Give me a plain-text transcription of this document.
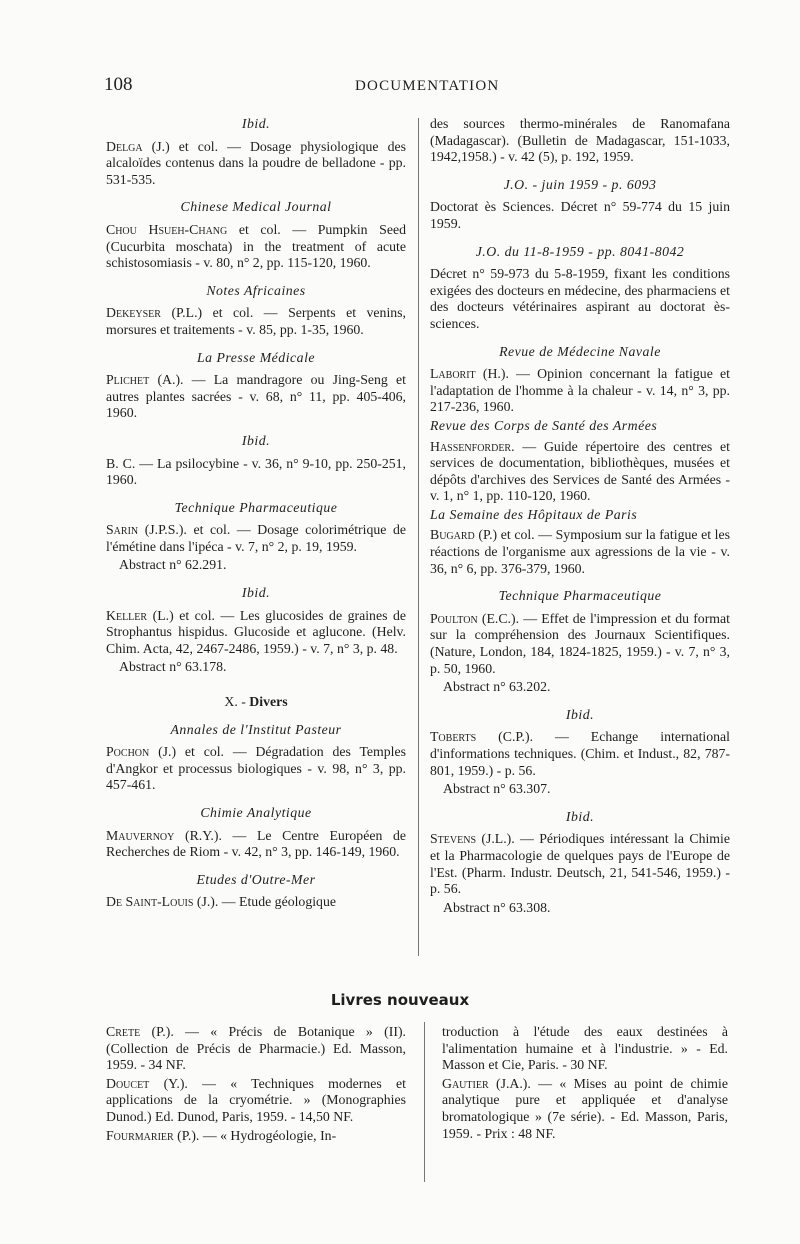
108	DOCUMENTATION
Ibid.
Delga (J.) et col. — Dosage physiologique des alcaloïdes contenus dans la poudre de belladone - pp. 531-535.
Chinese Medical Journal
Chou Hsueh-Chang et col. — Pumpkin Seed (Cucurbita moschata) in the treatment of acute schistosomiasis - v. 80, n° 2, pp. 115-120, 1960.
Notes Africaines
Dekeyser (P.L.) et col. — Serpents et venins, morsures et traitements - v. 85, pp. 1-35, 1960.
La Presse Médicale
Plichet (A.). — La mandragore ou Jing-Seng et autres plantes sacrées - v. 68, n° 11, pp. 405-406, 1960.
Ibid.
B. C. — La psilocybine - v. 36, n° 9-10, pp. 250-251, 1960.
Technique Pharmaceutique
Sarin (J.P.S.). et col. — Dosage colorimétrique de l'émétine dans l'ipéca - v. 7, n° 2, p. 19, 1959.
Abstract n° 62.291.
Ibid.
Keller (L.) et col. — Les glucosides de graines de Strophantus hispidus. Glucoside et aglucone. (Helv. Chim. Acta, 42, 2467-2486, 1959.) - v. 7, n° 3, p. 48.
Abstract n° 63.178.
X. - Divers
Annales de l'Institut Pasteur
Pochon (J.) et col. — Dégradation des Temples d'Angkor et processus biologiques - v. 98, n° 3, pp. 457-461.
Chimie Analytique
Mauvernoy (R.Y.). — Le Centre Européen de Recherches de Riom - v. 42, n° 3, pp. 146-149, 1960.
Etudes d'Outre-Mer
De Saint-Louis (J.). — Etude géologique
des sources thermo-minérales de Ranomafana (Madagascar). (Bulletin de Madagascar, 151-1033, 1942,1958.) - v. 42 (5), p. 192, 1959.
J.O. - juin 1959 - p. 6093
Doctorat ès Sciences. Décret n° 59-774 du 15 juin 1959.
J.O. du 11-8-1959 - pp. 8041-8042
Décret n° 59-973 du 5-8-1959, fixant les conditions exigées des docteurs en médecine, des pharmaciens et des docteurs vétérinaires aspirant au doctorat ès-sciences.
Revue de Médecine Navale
Laborit (H.). — Opinion concernant la fatigue et l'adaptation de l'homme à la chaleur - v. 14, n° 3, pp. 217-236, 1960.
Revue des Corps de Santé des Armées
Hassenforder. — Guide répertoire des centres et services de documentation, bibliothèques, musées et dépôts d'archives des Services de Santé des Armées - v. 1, n° 1, pp. 110-120, 1960.
La Semaine des Hôpitaux de Paris
Bugard (P.) et col. — Symposium sur la fatigue et les réactions de l'organisme aux agressions de la vie - v. 36, n° 6, pp. 376-379, 1960.
Technique Pharmaceutique
Poulton (E.C.). — Effet de l'impression et du format sur la compréhension des Journaux Scientifiques. (Nature, London, 184, 1824-1825, 1959.) - v. 7, n° 3, p. 50, 1960.
Abstract n° 63.202.
Ibid.
Toberts (C.P.). — Echange international d'informations techniques. (Chim. et Indust., 82, 787-801, 1959.) - p. 56.
Abstract n° 63.307.
Ibid.
Stevens (J.L.). — Périodiques intéressant la Chimie et la Pharmacologie de quelques pays de l'Europe de l'Est. (Pharm. Industr. Deutsch, 21, 541-546, 1959.) - p. 56.
Abstract n° 63.308.
Livres nouveaux
Crete (P.). — « Précis de Botanique » (II). (Collection de Précis de Pharmacie.) Ed. Masson, 1959. - 34 NF.
Doucet (Y.). — « Techniques modernes et applications de la cryométrie. » (Monographies Dunod.) Ed. Dunod, Paris, 1959. - 14,50 NF.
Fourmarier (P.). — « Hydrogéologie, In-
troduction à l'étude des eaux destinées à l'alimentation humaine et à l'industrie. » - Ed. Masson et Cie, Paris. - 30 NF.
Gautier (J.A.). — « Mises au point de chimie analytique pure et appliquée et d'analyse bromatologique » (7e série). - Ed. Masson, Paris, 1959. - Prix : 48 NF.
